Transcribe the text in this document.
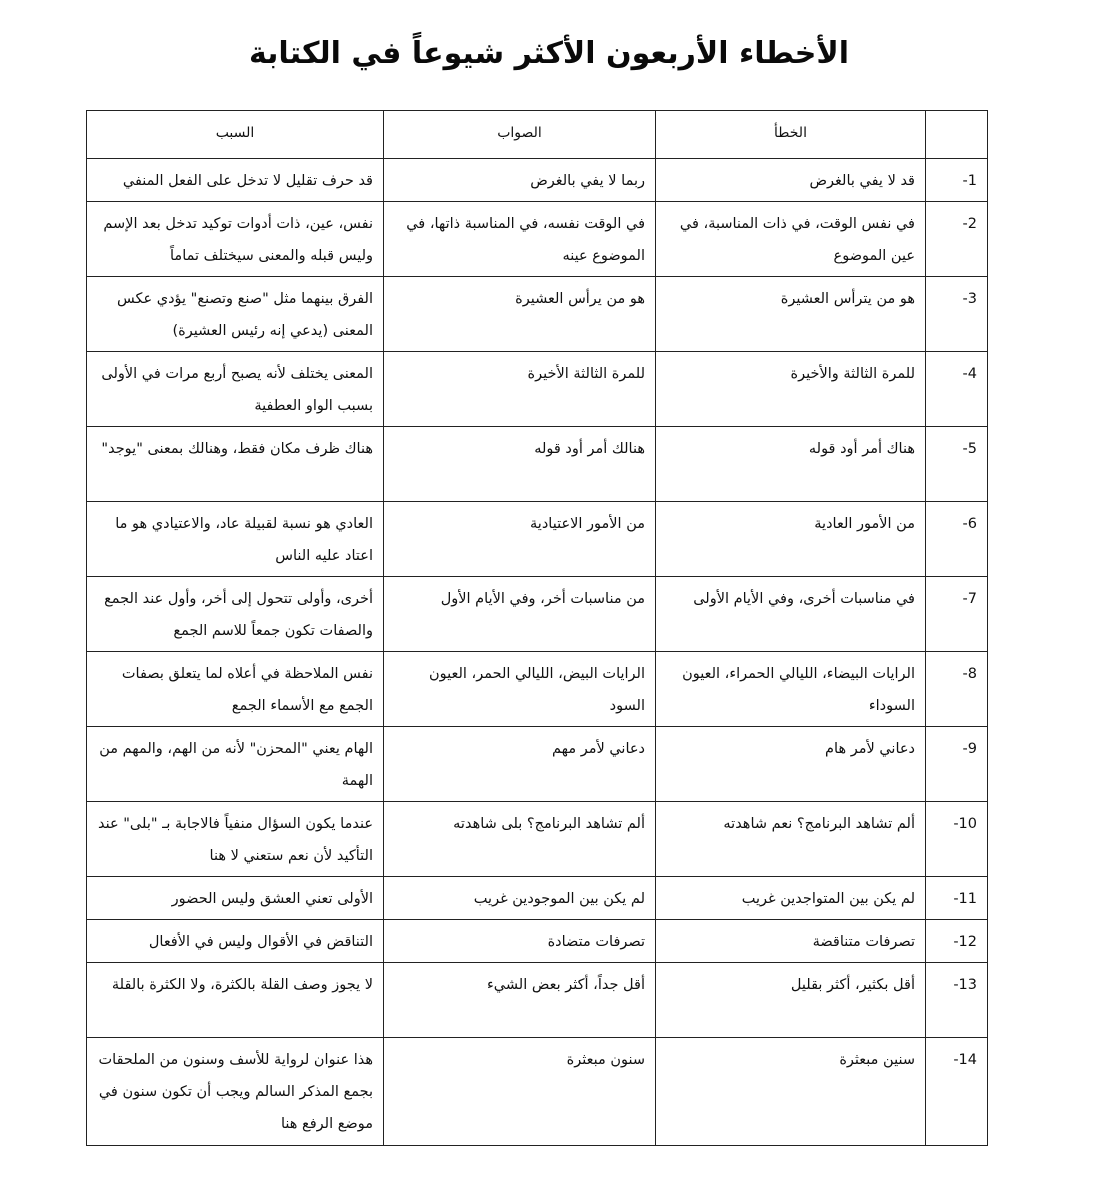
الأخطاء الأربعون الأكثر شيوعاً في الكتابة
	الخطأ	الصواب	السبب
1-	قد لا يفي بالغرض	ربما لا يفي بالغرض	قد حرف تقليل لا تدخل على الفعل المنفي
2-	في نفس الوقت، في ذات المناسبة، في عين الموضوع	في الوقت نفسه، في المناسبة ذاتها، في الموضوع عينه	نفس، عين، ذات أدوات توكيد تدخل بعد الإسم وليس قبله والمعنى سيختلف تماماً
3-	هو من يترأس العشيرة	هو من يرأس العشيرة	الفرق بينهما مثل "صنع وتصنع" يؤدي عكس المعنى (يدعي إنه رئيس العشيرة)
4-	للمرة الثالثة والأخيرة	للمرة الثالثة الأخيرة	المعنى يختلف لأنه يصبح أربع مرات في الأولى بسبب الواو العطفية
5-	هناك أمر أود قوله	هنالك أمر أود قوله	هناك ظرف مكان فقط، وهنالك بمعنى "يوجد"
6-	من الأمور العادية	من الأمور الاعتيادية	العادي هو نسبة لقبيلة عاد، والاعتيادي هو ما اعتاد عليه الناس
7-	في مناسبات أخرى، وفي الأيام الأولى	من مناسبات أخر، وفي الأيام الأول	أخرى، وأولى تتحول إلى أخر، وأول عند الجمع والصفات تكون جمعاً للاسم الجمع
8-	الرايات البيضاء، الليالي الحمراء، العيون السوداء	الرايات البيض، الليالي الحمر، العيون السود	نفس الملاحظة في أعلاه لما يتعلق بصفات الجمع مع الأسماء الجمع
9-	دعاني لأمر هام	دعاني لأمر مهم	الهام يعني "المحزن" لأنه من الهم، والمهم من الهمة
10-	ألم تشاهد البرنامج؟ نعم شاهدته	ألم تشاهد البرنامج؟ بلى شاهدته	عندما يكون السؤال منفياً فالاجابة بـ "بلى" عند التأكيد لأن نعم ستعني لا هنا
11-	لم يكن بين المتواجدين غريب	لم يكن بين الموجودين غريب	الأولى تعني العشق وليس الحضور
12-	تصرفات متناقضة	تصرفات متضادة	التناقض في الأقوال وليس في الأفعال
13-	أقل بكثير، أكثر بقليل	أقل جداً، أكثر بعض الشيء	لا يجوز وصف القلة بالكثرة، ولا الكثرة بالقلة
14-	سنين مبعثرة	سنون مبعثرة	هذا عنوان لرواية للأسف وسنون من الملحقات بجمع المذكر السالم ويجب أن تكون سنون في موضع الرفع هنا
